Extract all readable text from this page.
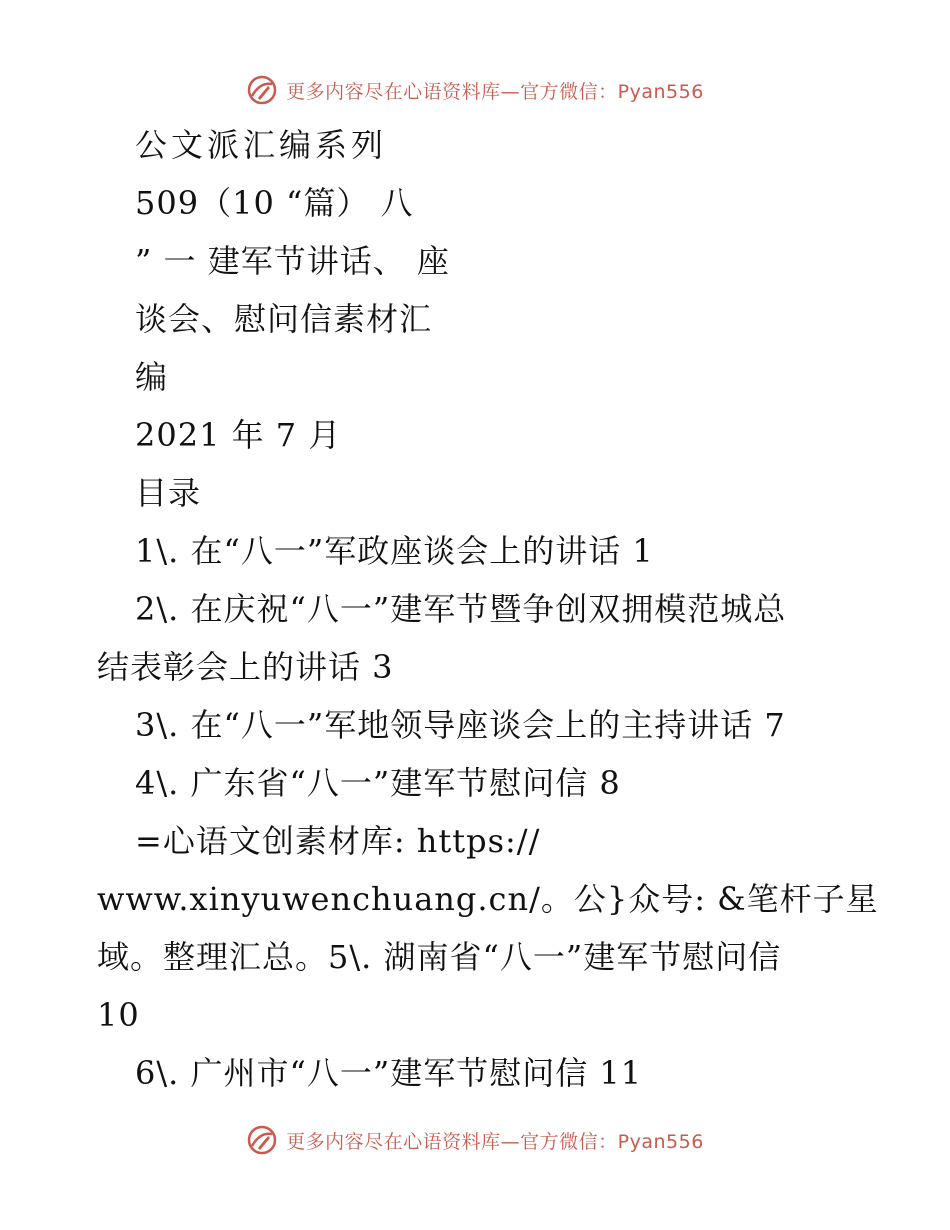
更多内容尽在心语资料库—官方微信：Pyan556
公文派汇编系列
509（10 “篇） 八
” 一 建军节讲话、 座
谈会、慰问信素材汇
编
2021 年 7 月
目录
1\. 在“八一”军政座谈会上的讲话 1
2\. 在庆祝“八一”建军节暨争创双拥模范城总
结表彰会上的讲话 3
3\. 在“八一”军地领导座谈会上的主持讲话 7
4\. 广东省“八一”建军节慰问信 8
=心语文创素材库: https://
www.xinyuwenchuang.cn/。公}众号: &笔杆子星
域。整理汇总。5\. 湖南省“八一”建军节慰问信
10
6\. 广州市“八一”建军节慰问信 11
更多内容尽在心语资料库—官方微信：Pyan556
